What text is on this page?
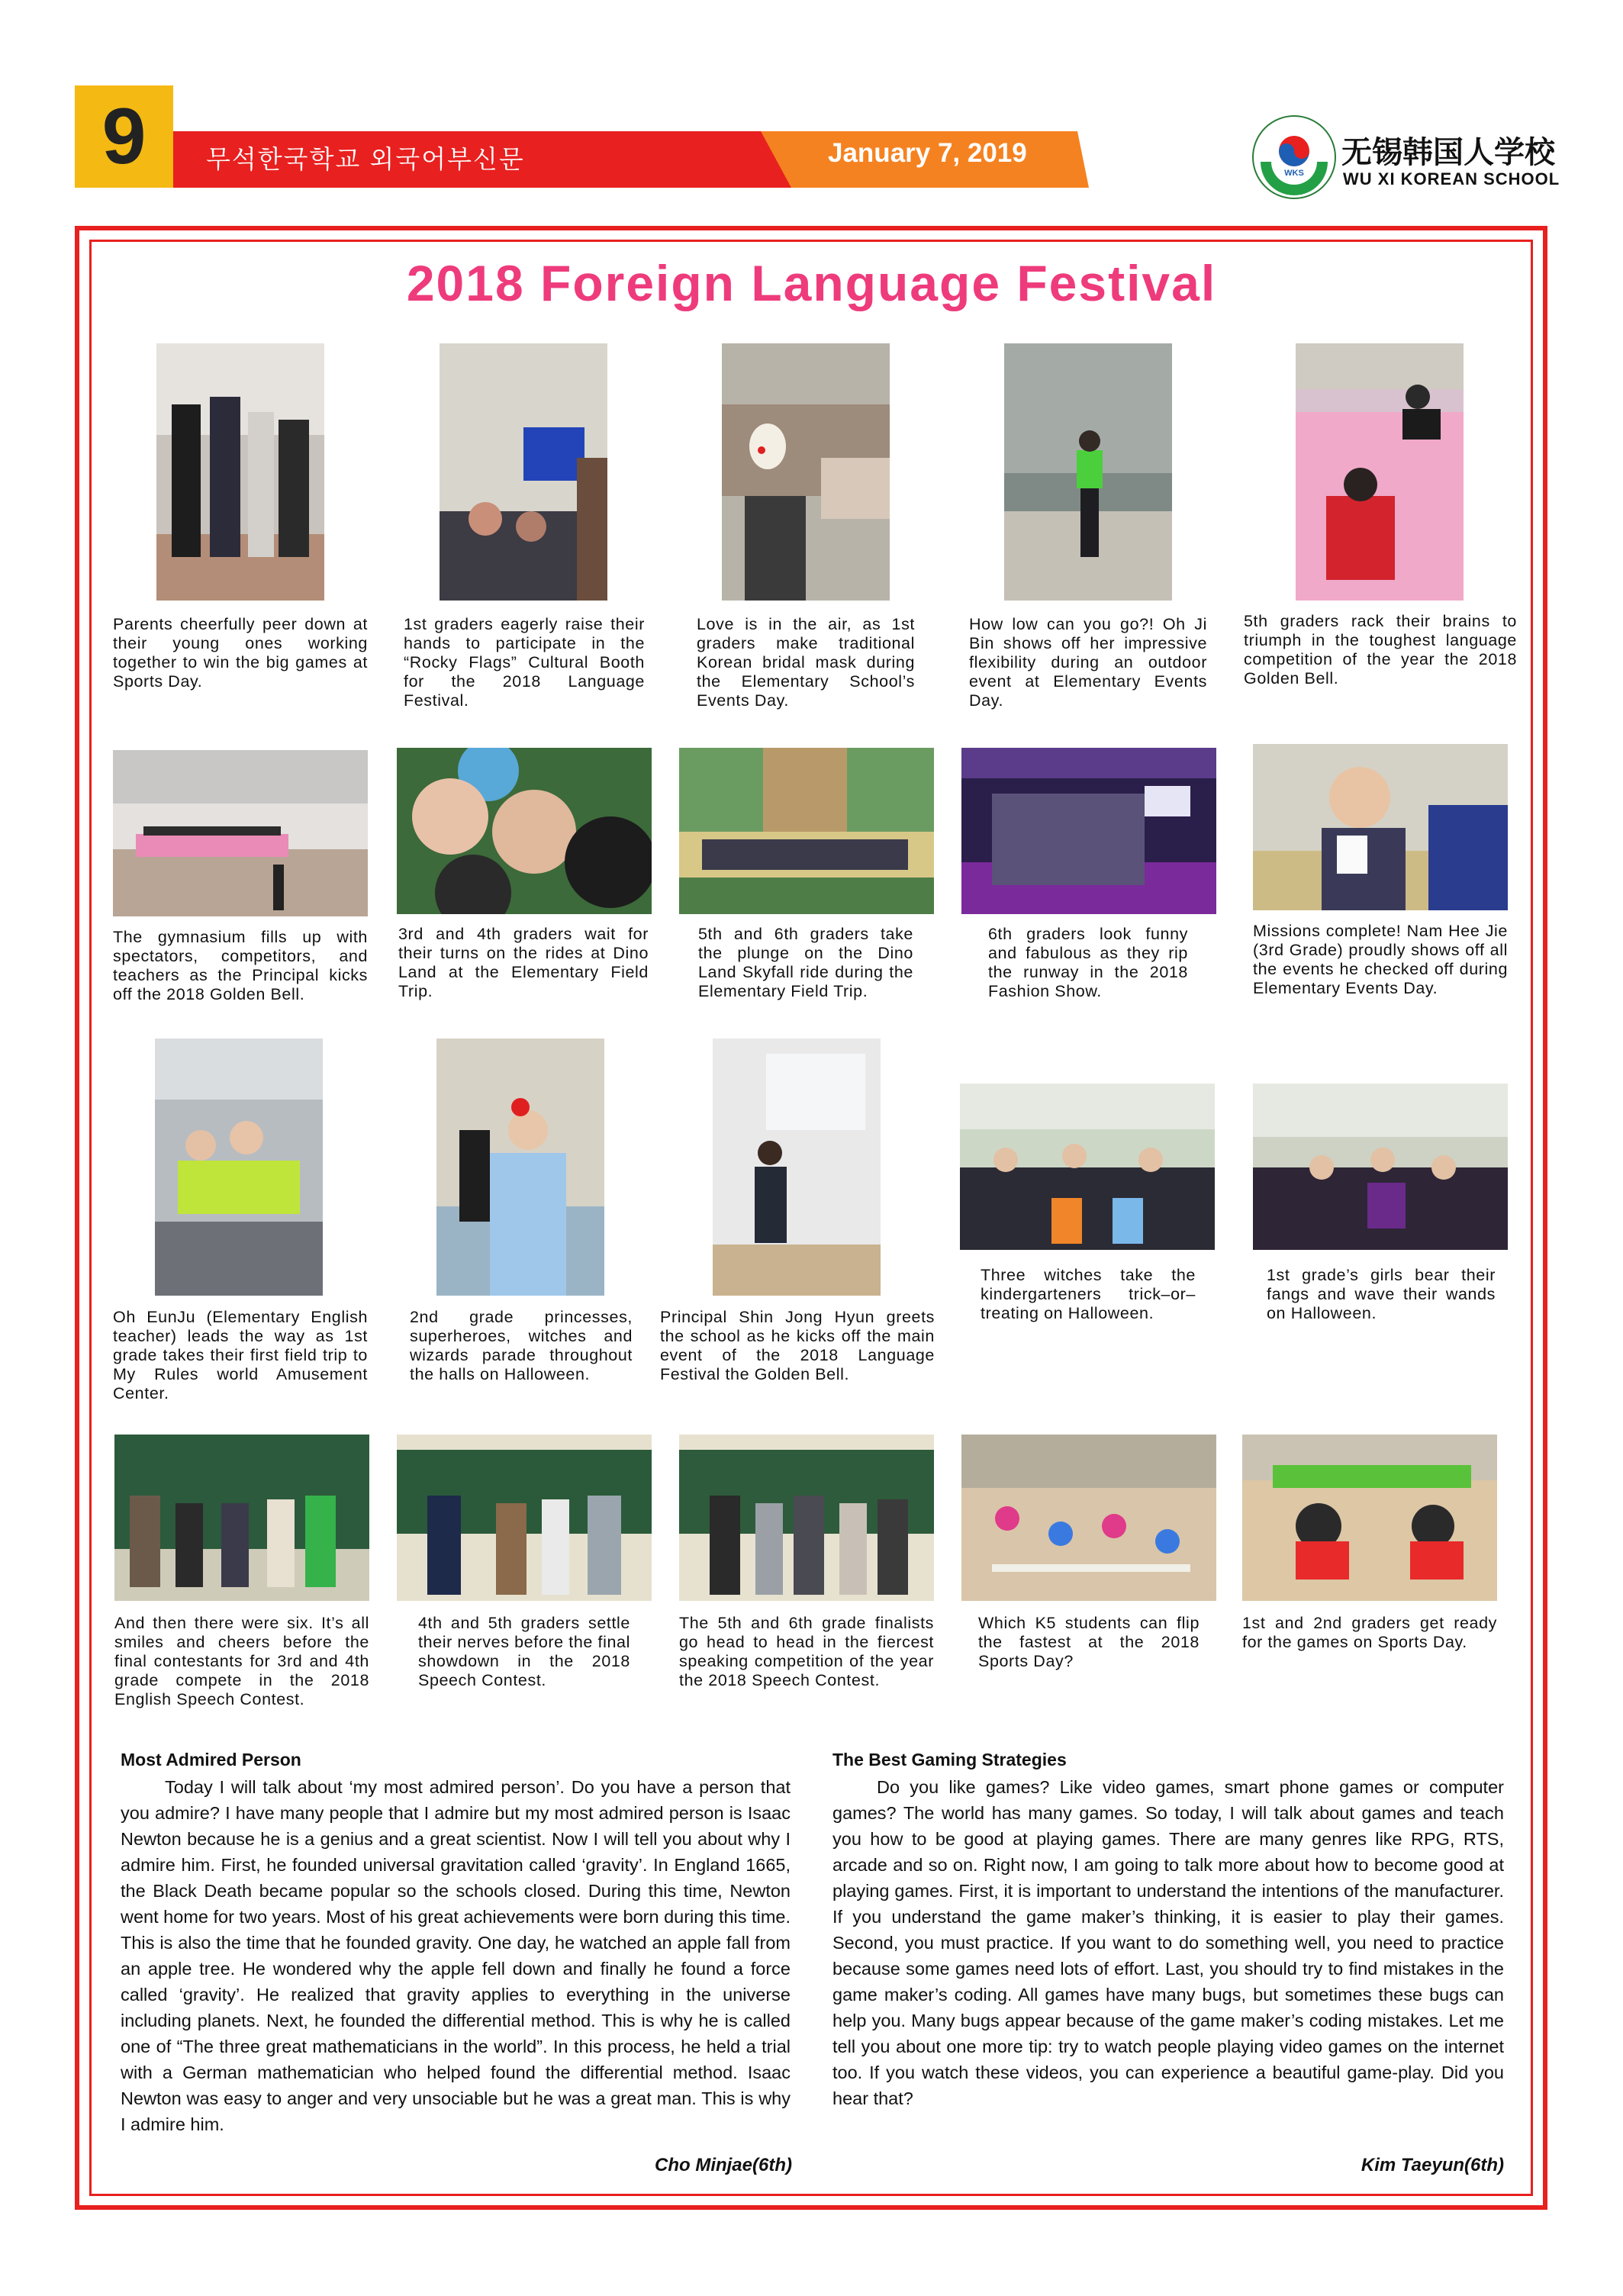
9	무석한국학교 외국어부신문	January 7, 2019
WKS
无锡韩国人学校
WU XI KOREAN SCHOOL
2018 Foreign Language Festival
Parents cheerfully peer down at their young ones working together to win the big games at Sports Day.
1st graders eagerly raise their hands to participate in the “Rocky Flags” Cultural Booth for the 2018 Language Festival.
Love is in the air, as 1st graders make traditional Korean bridal mask during the Elementary School’s Events Day.
How low can you go?! Oh Ji Bin shows off her impressive flexibility during an outdoor event at Elementary Events Day.
5th graders rack their brains to triumph in the toughest language competition of the year the 2018 Golden Bell.
The gymnasium fills up with spectators, competitors, and teachers as the Principal kicks off the 2018 Golden Bell.
3rd and 4th graders wait for their turns on the rides at Dino Land at the Elementary Field Trip.
5th and 6th graders take the plunge on the Dino Land Skyfall ride during the Elementary Field Trip.
6th graders look funny and fabulous as they rip the runway in the 2018 Fashion Show.
Missions complete! Nam Hee Jie (3rd Grade) proudly shows off all the events he checked off during Elementary Events Day.
Oh EunJu (Elementary English teacher) leads the way as 1st grade takes their first field trip to My Rules world Amusement Center.
2nd grade princesses, superheroes, witches and wizards parade throughout the halls on Halloween.
Principal Shin Jong Hyun greets the school as he kicks off the main event of the 2018 Language Festival the Golden Bell.
Three witches take the kindergarteners trick–or–treating on Halloween.
1st grade’s girls bear their fangs and wave their wands on Halloween.
And then there were six. It’s all smiles and cheers before the final contestants for 3rd and 4th grade compete in the 2018 English Speech Contest.
4th and 5th graders settle their nerves before the final showdown in the 2018 Speech Contest.
The 5th and 6th grade finalists go head to head in the fiercest speaking competition of the year the 2018 Speech Contest.
Which K5 students can flip the fastest at the 2018 Sports Day?
1st and 2nd graders get ready for the games on Sports Day.
Most Admired Person
Today I will talk about ‘my most admired person’. Do you have a person that you admire? I have many people that I admire but my most admired person is Isaac Newton because he is a genius and a great scientist. Now I will tell you about why I admire him. First, he founded universal gravitation called ‘gravity’. In England 1665, the Black Death became popular so the schools closed. During this time, Newton went home for two years. Most of his great achievements were born during this time. This is also the time that he founded gravity. One day, he watched an apple fall from an apple tree. He wondered why the apple fell down and finally he found a force called ‘gravity’. He realized that gravity applies to everything in the universe including planets. Next, he founded the differential method. This is why he is called one of “The three great mathematicians in the world”. In this process, he held a trial with a German mathematician who helped found the differential method. Isaac Newton was easy to anger and very unsociable but he was a great man. This is why I admire him.
Cho Minjae(6th)
The Best Gaming Strategies
Do you like games? Like video games, smart phone games or computer games? The world has many games. So today, I will talk about games and teach you how to be good at playing games. There are many genres like RPG, RTS, arcade and so on. Right now, I am going to talk more about how to become good at playing games. First, it is important to understand the intentions of the manufacturer. If you understand the game maker’s thinking, it is easier to play their games. Second, you must practice. If you want to do something well, you need to practice because some games need lots of effort. Last, you should try to find mistakes in the game maker’s coding. All games have many bugs, but sometimes these bugs can help you. Many bugs appear because of the game maker’s coding mistakes. Let me tell you about one more tip: try to watch people playing video games on the internet too. If you watch these videos, you can experience a beautiful game-play. Did you hear that?
Kim Taeyun(6th)
